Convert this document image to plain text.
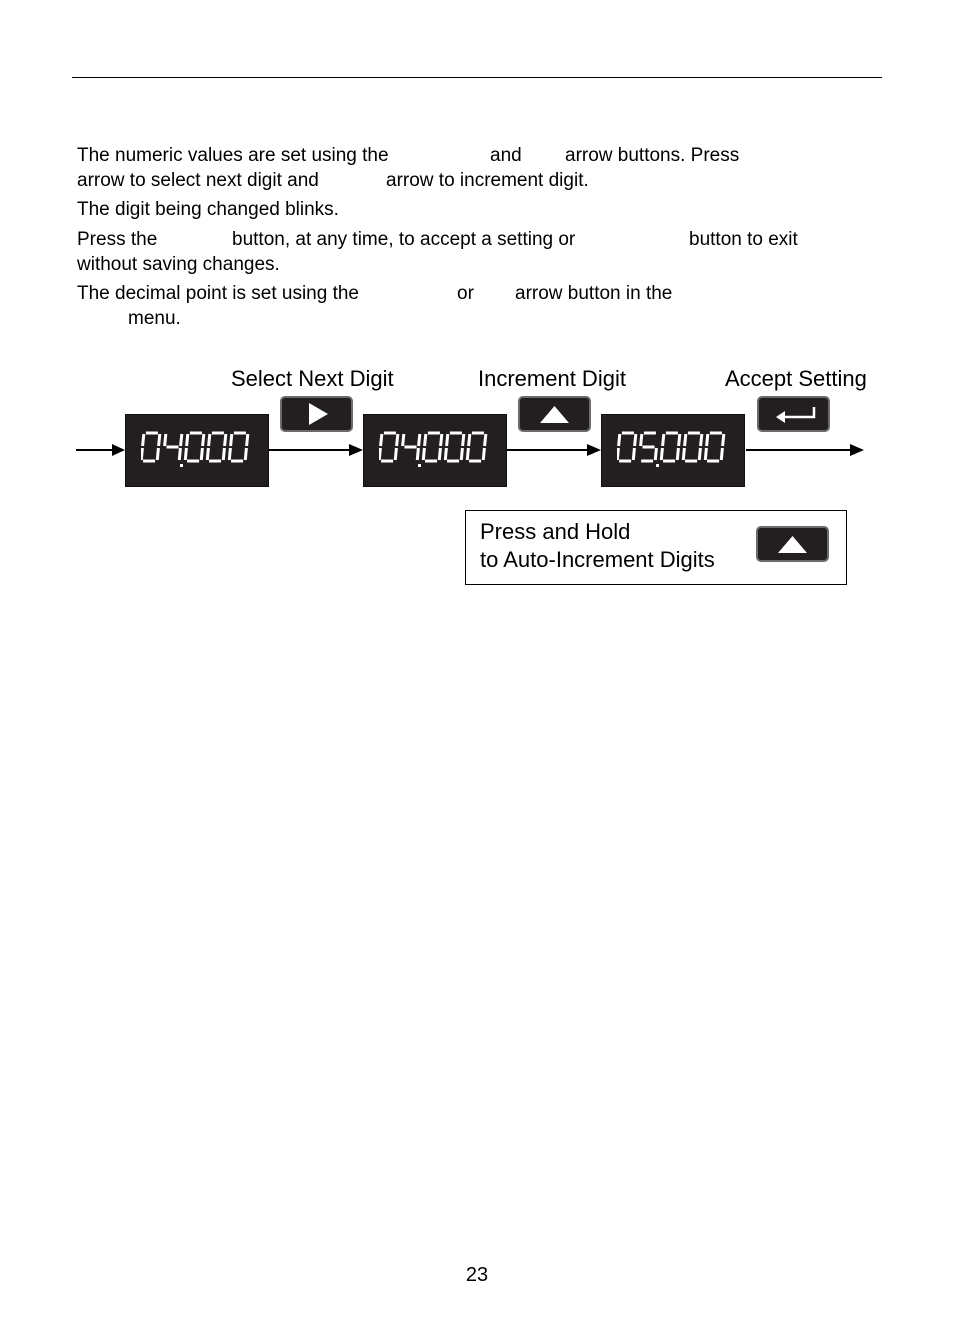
The numeric values are set using the	and arrow buttons. Press
arrow to select next digit and	arrow to increment digit.
The digit being changed blinks.
Press the	button, at any time, to accept a setting or	button to exit
without saving changes.
The decimal point is set using the	or arrow button in the
menu.
Select Next Digit	Increment Digit	Accept Setting
Press and Hold
to Auto-Increment Digits
23
